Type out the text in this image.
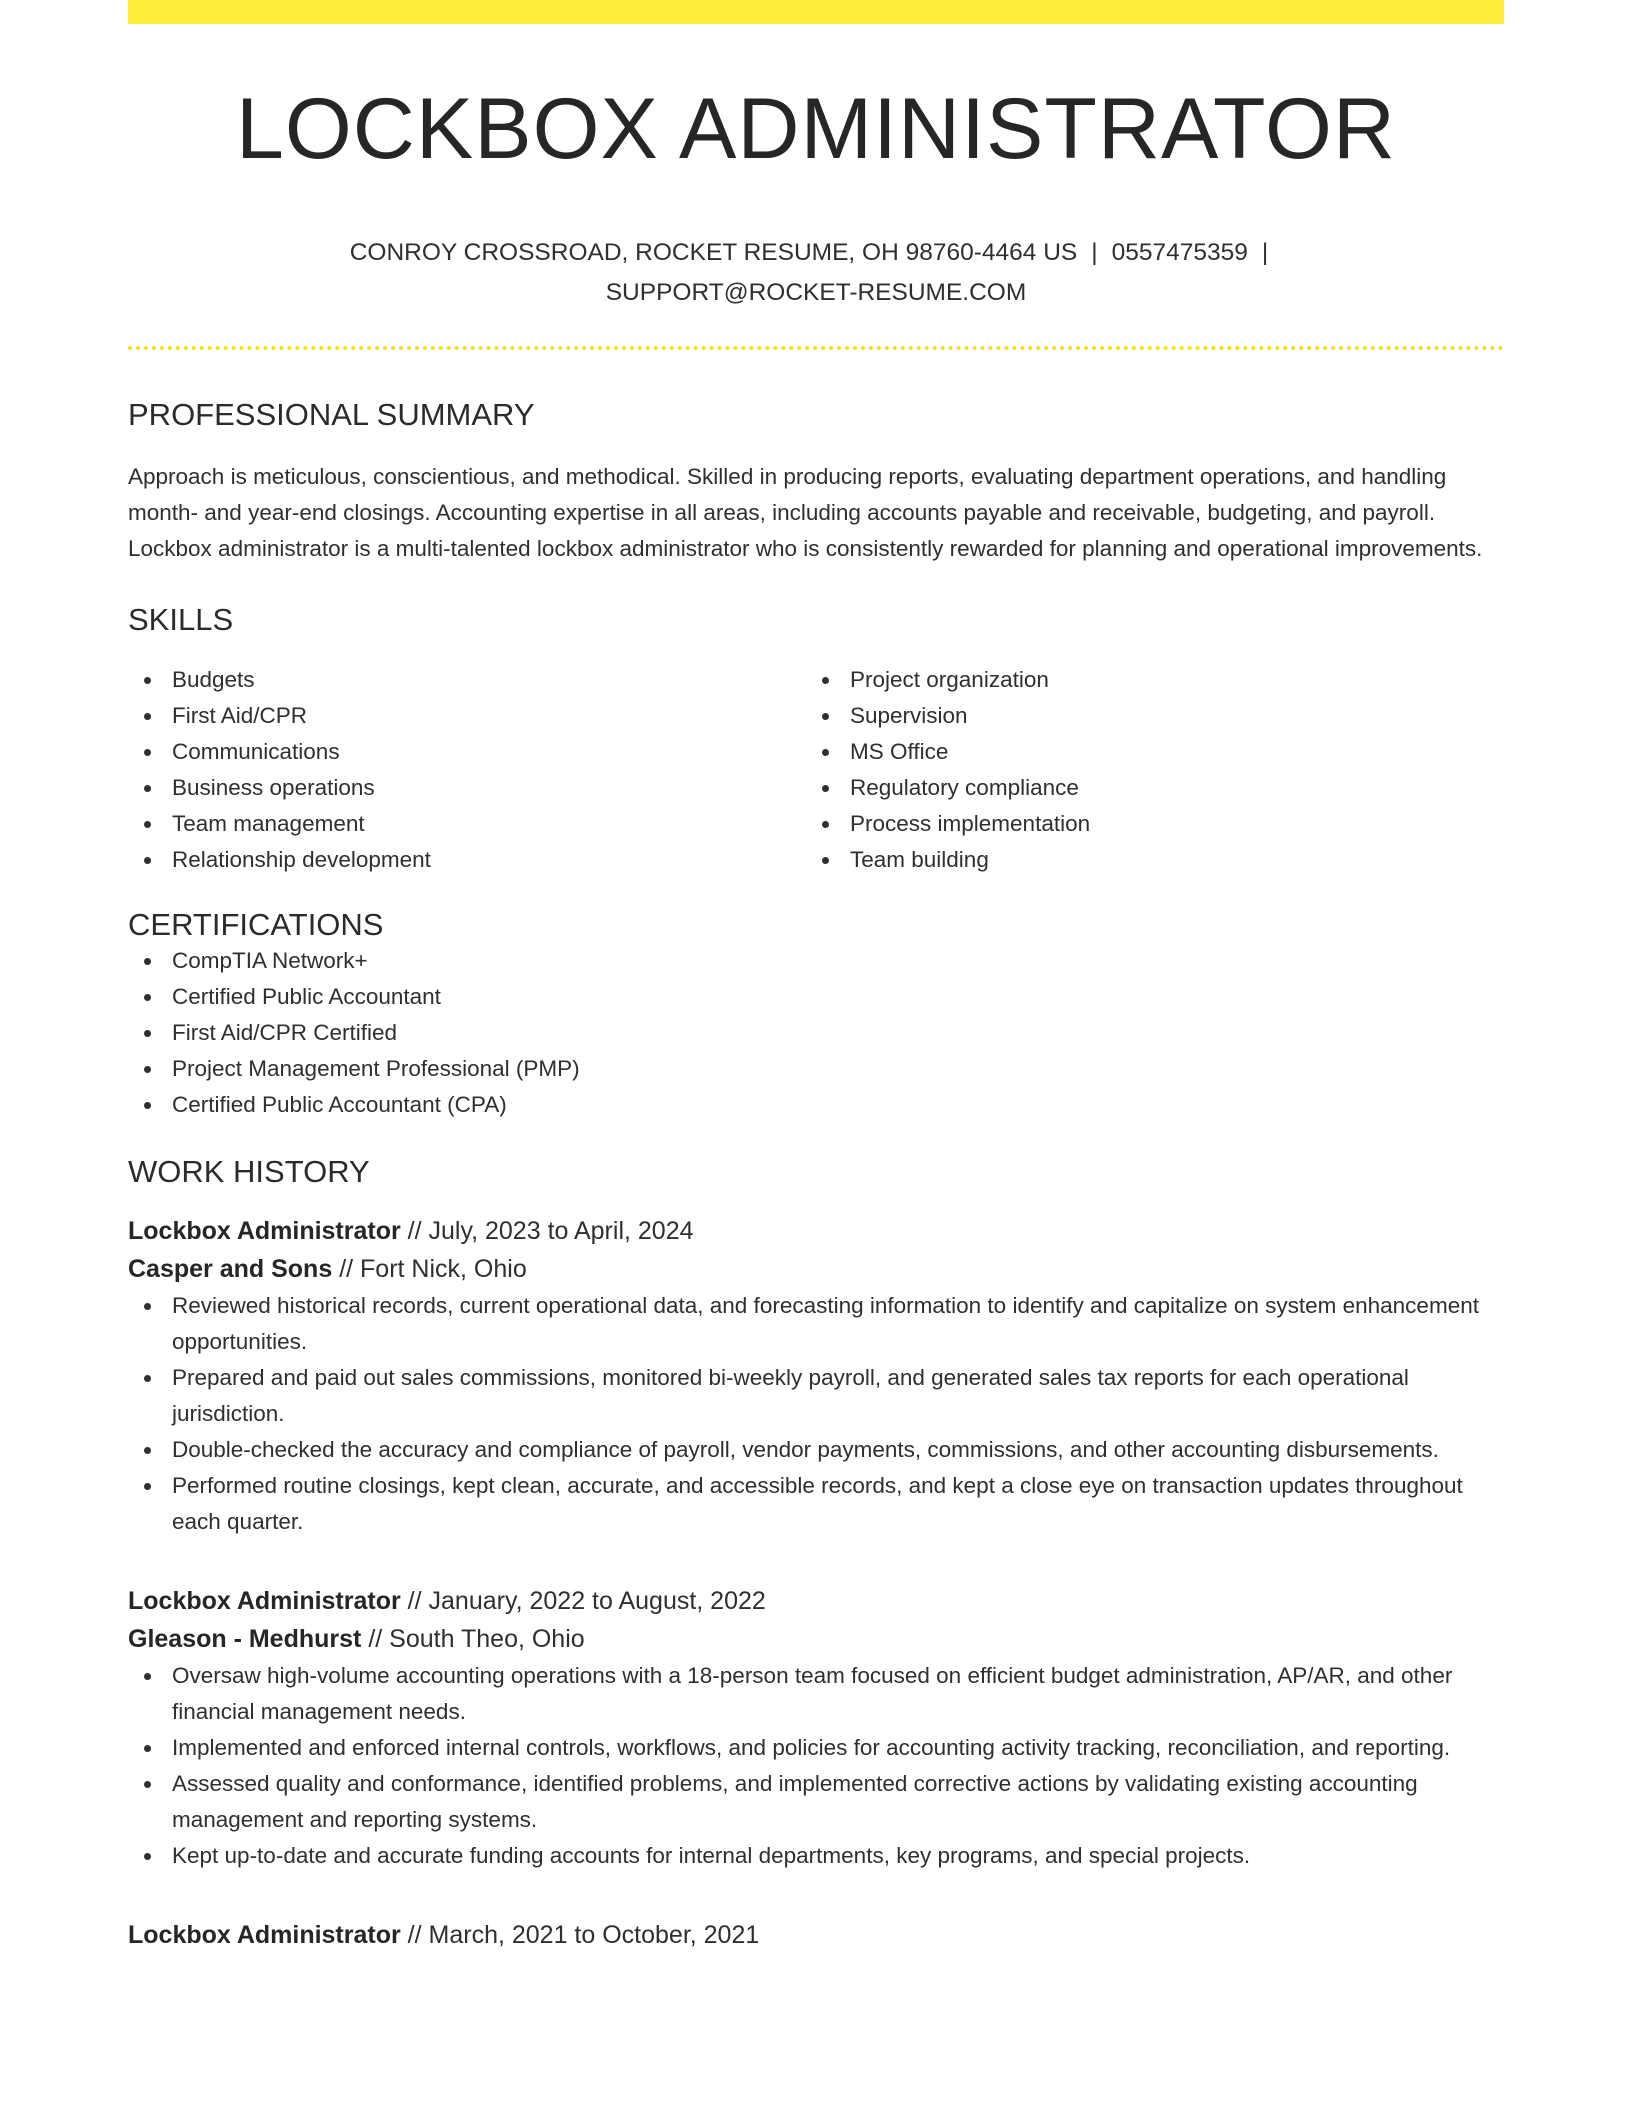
LOCKBOX ADMINISTRATOR
CONROY CROSSROAD, ROCKET RESUME, OH 98760-4464 US | 0557475359 |
SUPPORT@ROCKET-RESUME.COM
PROFESSIONAL SUMMARY

Approach is meticulous, conscientious, and methodical. Skilled in producing reports, evaluating department operations, and handling month- and year-end closings. Accounting expertise in all areas, including accounts payable and receivable, budgeting, and payroll. Lockbox administrator is a multi-talented lockbox administrator who is consistently rewarded for planning and operational improvements.

SKILLS
Budgets
First Aid/CPR
Communications
Business operations
Team management
Relationship development
Project organization
Supervision
MS Office
Regulatory compliance
Process implementation
Team building
CERTIFICATIONS
CompTIA Network+
Certified Public Accountant
First Aid/CPR Certified
Project Management Professional (PMP)
Certified Public Accountant (CPA)
WORK HISTORY
Lockbox Administrator // July, 2023 to April, 2024
Casper and Sons // Fort Nick, Ohio
Reviewed historical records, current operational data, and forecasting information to identify and capitalize on system enhancement opportunities.
Prepared and paid out sales commissions, monitored bi-weekly payroll, and generated sales tax reports for each operational jurisdiction.
Double-checked the accuracy and compliance of payroll, vendor payments, commissions, and other accounting disbursements.
Performed routine closings, kept clean, accurate, and accessible records, and kept a close eye on transaction updates throughout each quarter.
Lockbox Administrator // January, 2022 to August, 2022
Gleason - Medhurst // South Theo, Ohio
Oversaw high-volume accounting operations with a 18-person team focused on efficient budget administration, AP/AR, and other financial management needs.
Implemented and enforced internal controls, workflows, and policies for accounting activity tracking, reconciliation, and reporting.
Assessed quality and conformance, identified problems, and implemented corrective actions by validating existing accounting management and reporting systems.
Kept up-to-date and accurate funding accounts for internal departments, key programs, and special projects.
Lockbox Administrator // March, 2021 to October, 2021
